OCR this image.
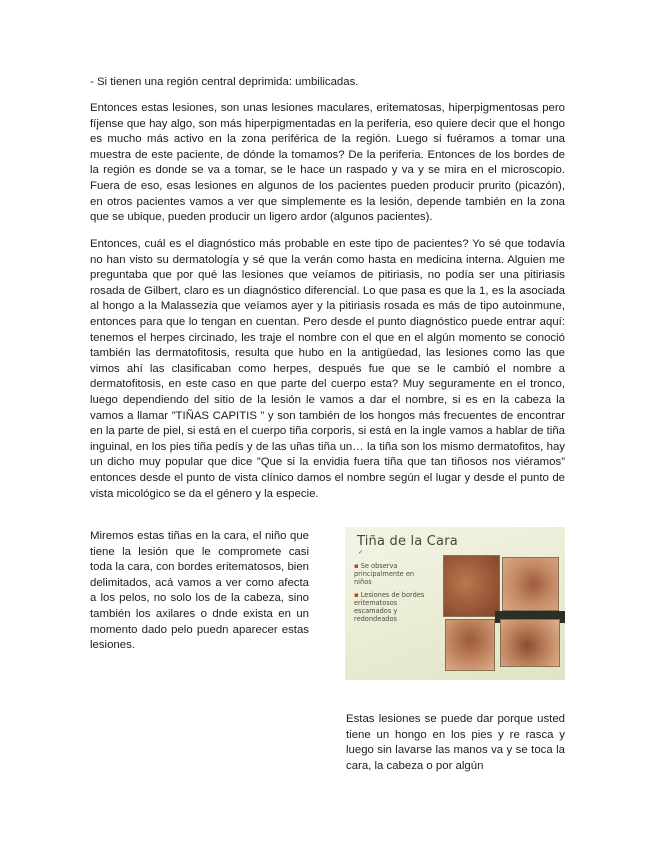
- Si tienen una región central deprimida: umbilicadas.

Entonces estas lesiones, son unas lesiones maculares, eritematosas, hiperpigmentosas pero fíjense que hay algo, son más hiperpigmentadas en la periferia, eso quiere decir que el hongo es mucho más activo en la zona periférica de la región. Luego si fuéramos a tomar una muestra de este paciente, de dónde la tomamos? De la periferia. Entonces de los bordes de la región es donde se va a tomar, se le hace un raspado y va y se mira en el microscopio. Fuera de eso, esas lesiones en algunos de los pacientes pueden producir prurito (picazón), en otros pacientes vamos a ver que simplemente es la lesión, depende también en la zona que se ubique, pueden producir un ligero ardor (algunos pacientes).

Entonces, cuál es el diagnóstico más probable en este tipo de pacientes? Yo sé que todavía no han visto su dermatología y sé que la verán como hasta en medicina interna. Alguien me preguntaba que por qué las lesiones que veíamos de pitiriasis, no podía ser una pitiriasis rosada de Gilbert, claro es un diagnóstico diferencial. Lo que pasa es que la 1, es la asociada al hongo a la Malassezia que veíamos ayer y la pitiriasis rosada es más de tipo autoinmune, entonces para que lo tengan en cuentan. Pero desde el punto diagnóstico puede entrar aquí: tenemos el herpes circinado, les traje el nombre con el que en el algún momento se conoció también las dermatofitosis, resulta que hubo en la antigüedad, las lesiones como las que vimos ahí las clasificaban como herpes, después fue que se le cambió el nombre a dermatofitosis, en este caso en que parte del cuerpo esta? Muy seguramente en el tronco, luego dependiendo del sitio de la lesión le vamos a dar el nombre, si es en la cabeza la vamos a llamar ”TIÑAS CAPITIS ” y son también de los hongos más frecuentes de encontrar en la parte de piel, si está en el cuerpo tiña corporis, si está en la ingle vamos a hablar de tiña inguinal, en los pies tiña pedís y de las uñas tiña un… la tiña son los mismo dermatofitos, hay un dicho muy popular que dice ”Que si la envidia fuera tiña que tan tiñosos nos viéramos” entonces desde el punto de vista clínico damos el nombre según el lugar y desde el punto de vista micológico se da el género y la especie.

Miremos estas tiñas en la cara, el niño que tiene la lesión que le compromete casi toda la cara, con bordes eritematosos, bien delimitados, acá vamos a ver como afecta a los pelos, no solo los de la cabeza, sino también los axilares o dnde exista en un momento dado pelo puedn aparecer estas lesiones.

Estas lesiones se puede dar porque usted tiene un hongo en los pies y re rasca y luego sin lavarse las manos va y se toca la cara, la cabeza o por algún

Tiña de la Cara
✓
▪ Se observa principalmente en niños
▪ Lesiones de bordes eritematosos escamados y redondeados
